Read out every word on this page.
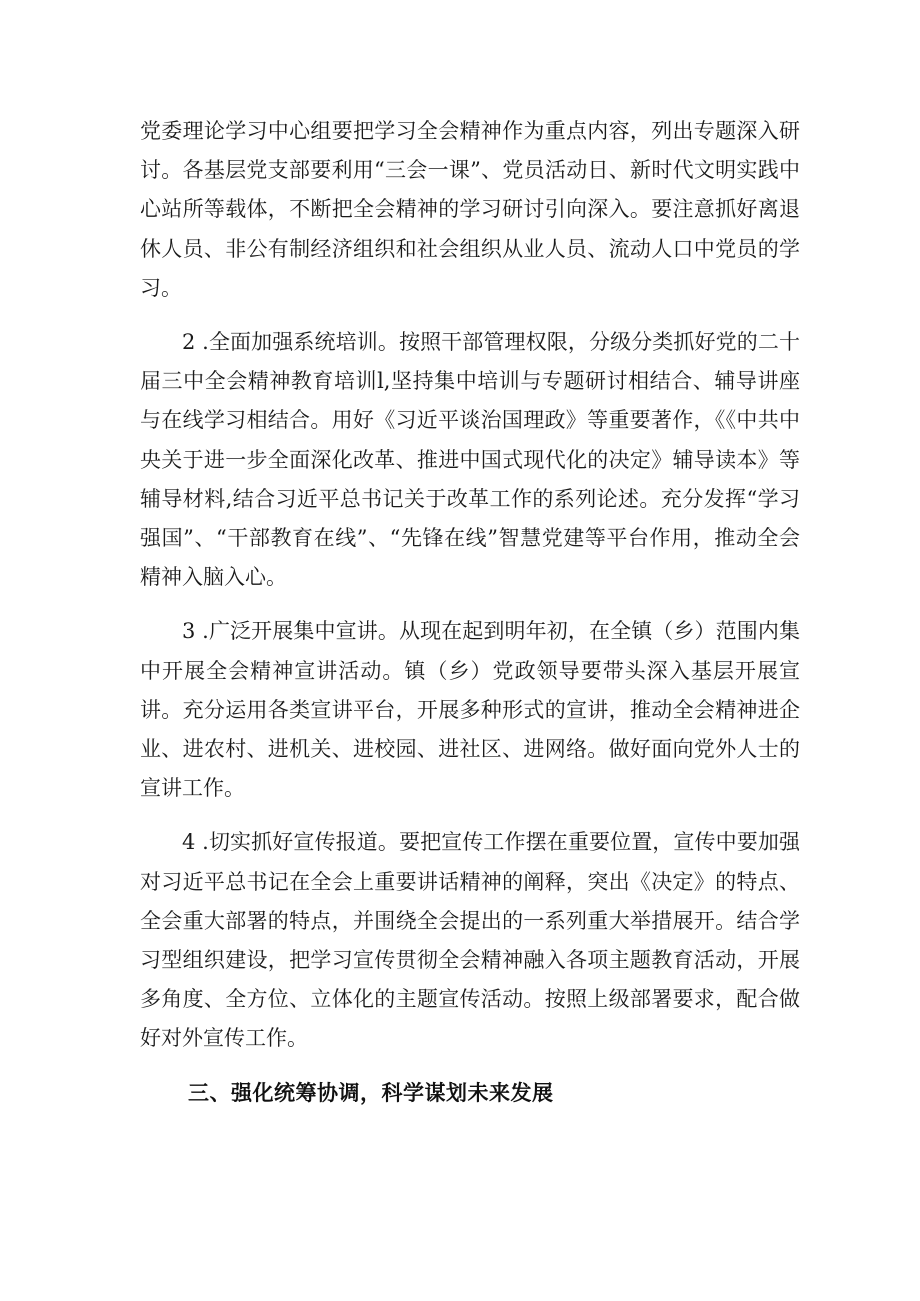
党委理论学习中心组要把学习全会精神作为重点内容，列出专题深入研讨。各基层党支部要利用“三会一课”、党员活动日、新时代文明实践中心站所等载体，不断把全会精神的学习研讨引向深入。要注意抓好离退休人员、非公有制经济组织和社会组织从业人员、流动人口中党员的学习。

2 .全面加强系统培训。按照干部管理权限，分级分类抓好党的二十届三中全会精神教育培训l,坚持集中培训与专题研讨相结合、辅导讲座与在线学习相结合。用好《习近平谈治国理政》等重要著作，《《中共中央关于进一步全面深化改革、推进中国式现代化的决定》辅导读本》等辅导材料,结合习近平总书记关于改革工作的系列论述。充分发挥“学习强国”、“干部教育在线”、“先锋在线”智慧党建等平台作用，推动全会精神入脑入心。

3 .广泛开展集中宣讲。从现在起到明年初，在全镇（乡）范围内集中开展全会精神宣讲活动。镇（乡）党政领导要带头深入基层开展宣讲。充分运用各类宣讲平台，开展多种形式的宣讲，推动全会精神进企业、进农村、进机关、进校园、进社区、进网络。做好面向党外人士的宣讲工作。

4 .切实抓好宣传报道。要把宣传工作摆在重要位置，宣传中要加强对习近平总书记在全会上重要讲话精神的阐释，突出《决定》的特点、全会重大部署的特点，并围绕全会提出的一系列重大举措展开。结合学习型组织建设，把学习宣传贯彻全会精神融入各项主题教育活动，开展多角度、全方位、立体化的主题宣传活动。按照上级部署要求，配合做好对外宣传工作。

三、强化统筹协调，科学谋划未来发展
